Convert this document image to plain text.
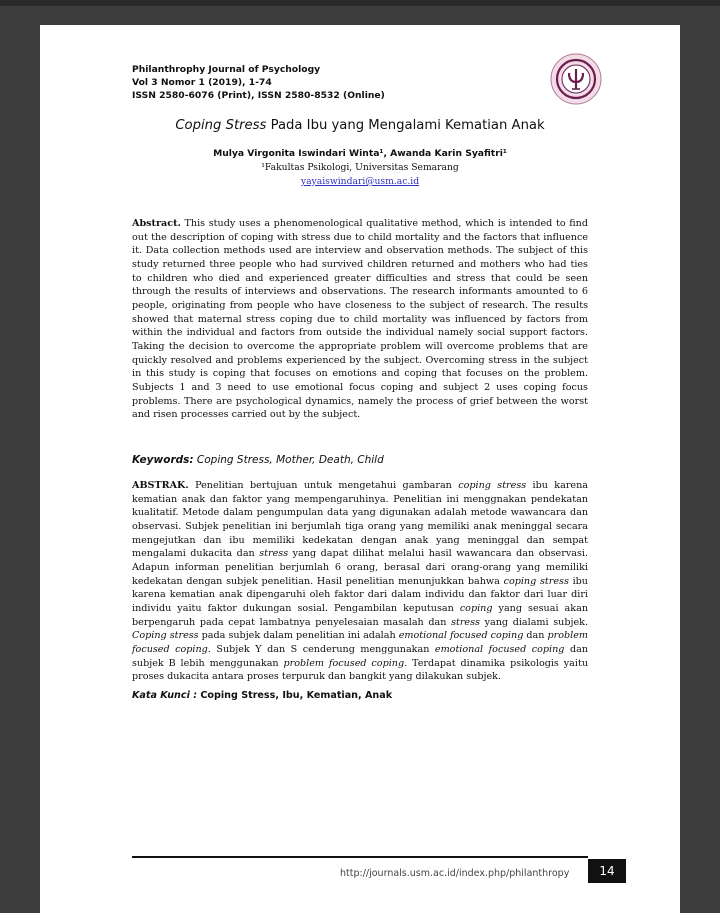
Philanthrophy Journal of Psychology
Vol 3 Nomor 1 (2019), 1-74
ISSN 2580-6076 (Print), ISSN 2580-8532 (Online)
Coping Stress Pada Ibu yang Mengalami Kematian Anak
Mulya Virgonita Iswindari Winta¹, Awanda Karin Syafitri¹
¹Fakultas Psikologi, Universitas Semarang
yayaiswindari@usm.ac.id

Abstract. This study uses a phenomenological qualitative method, which is intended to find out the description of coping with stress due to child mortality and the factors that influence it. Data collection methods used are interview and observation methods. The subject of this study returned three people who had survived children returned and mothers who had ties to children who died and experienced greater difficulties and stress that could be seen through the results of interviews and observations. The research informants amounted to 6 people, originating from people who have closeness to the subject of research. The results showed that maternal stress coping due to child mortality was influenced by factors from within the individual and factors from outside the individual namely social support factors. Taking the decision to overcome the appropriate problem will overcome problems that are quickly resolved and problems experienced by the subject. Overcoming stress in the subject in this study is coping that focuses on emotions and coping that focuses on the problem. Subjects 1 and 3 need to use emotional focus coping and subject 2 uses coping focus problems. There are psychological dynamics, namely the process of grief between the worst and risen processes carried out by the subject.

Keywords: Coping Stress, Mother, Death, Child

ABSTRAK. Penelitian bertujuan untuk mengetahui gambaran coping stress ibu karena kematian anak dan faktor yang mempengaruhinya. Penelitian ini menggnakan pendekatan kualitatif. Metode dalam pengumpulan data yang digunakan adalah metode wawancara dan observasi. Subjek penelitian ini berjumlah tiga orang yang memiliki anak meninggal secara mengejutkan dan ibu memiliki kedekatan dengan anak yang meninggal dan sempat mengalami dukacita dan stress yang dapat dilihat melalui hasil wawancara dan observasi. Adapun informan penelitian berjumlah 6 orang, berasal dari orang-orang yang memiliki kedekatan dengan subjek penelitian. Hasil penelitian menunjukkan bahwa coping stress ibu karena kematian anak dipengaruhi oleh faktor dari dalam individu dan faktor dari luar diri individu yaitu faktor dukungan sosial. Pengambilan keputusan coping yang sesuai akan berpengaruh pada cepat lambatnya penyelesaian masalah dan stress yang dialami subjek. Coping stress pada subjek dalam penelitian ini adalah emotional focused coping dan problem focused coping. Subjek Y dan S cenderung menggunakan emotional focused coping dan subjek B lebih menggunakan problem focused coping. Terdapat dinamika psikologis yaitu proses dukacita antara proses terpuruk dan bangkit yang dilakukan subjek.

Kata Kunci : Coping Stress, Ibu, Kematian, Anak
http://journals.usm.ac.id/index.php/philanthropy	14
